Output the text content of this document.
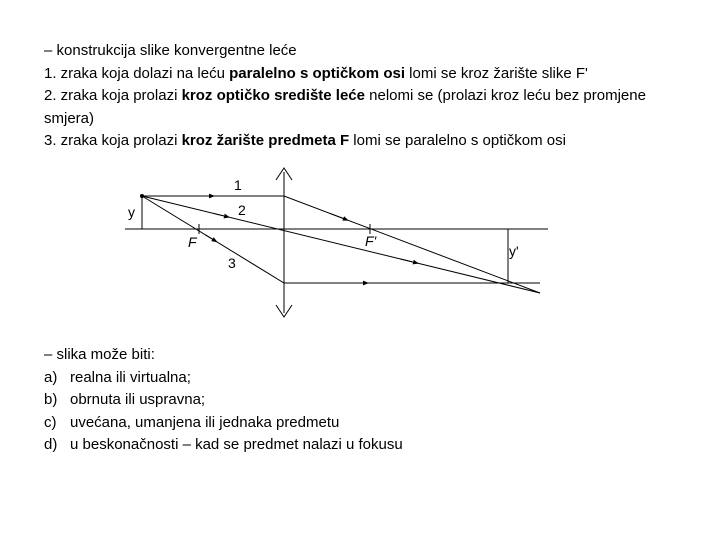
– konstrukcija slike konvergentne leće

1. zraka koja dolazi na leću paralelno s optičkom osi lomi se kroz žarište slike F'

2. zraka koja prolazi kroz optičko središte leće nelomi se (prolazi kroz leću bez promjene smjera)

3. zraka koja prolazi kroz žarište predmeta F lomi se paralelno s optičkom osi

1
2
3
y
y'
F	F'

– slika može biti:

a) realna ili virtualna;
b) obrnuta ili uspravna;
c) uvećana, umanjena ili jednaka predmetu
d) u beskonačnosti – kad se predmet nalazi u fokusu
